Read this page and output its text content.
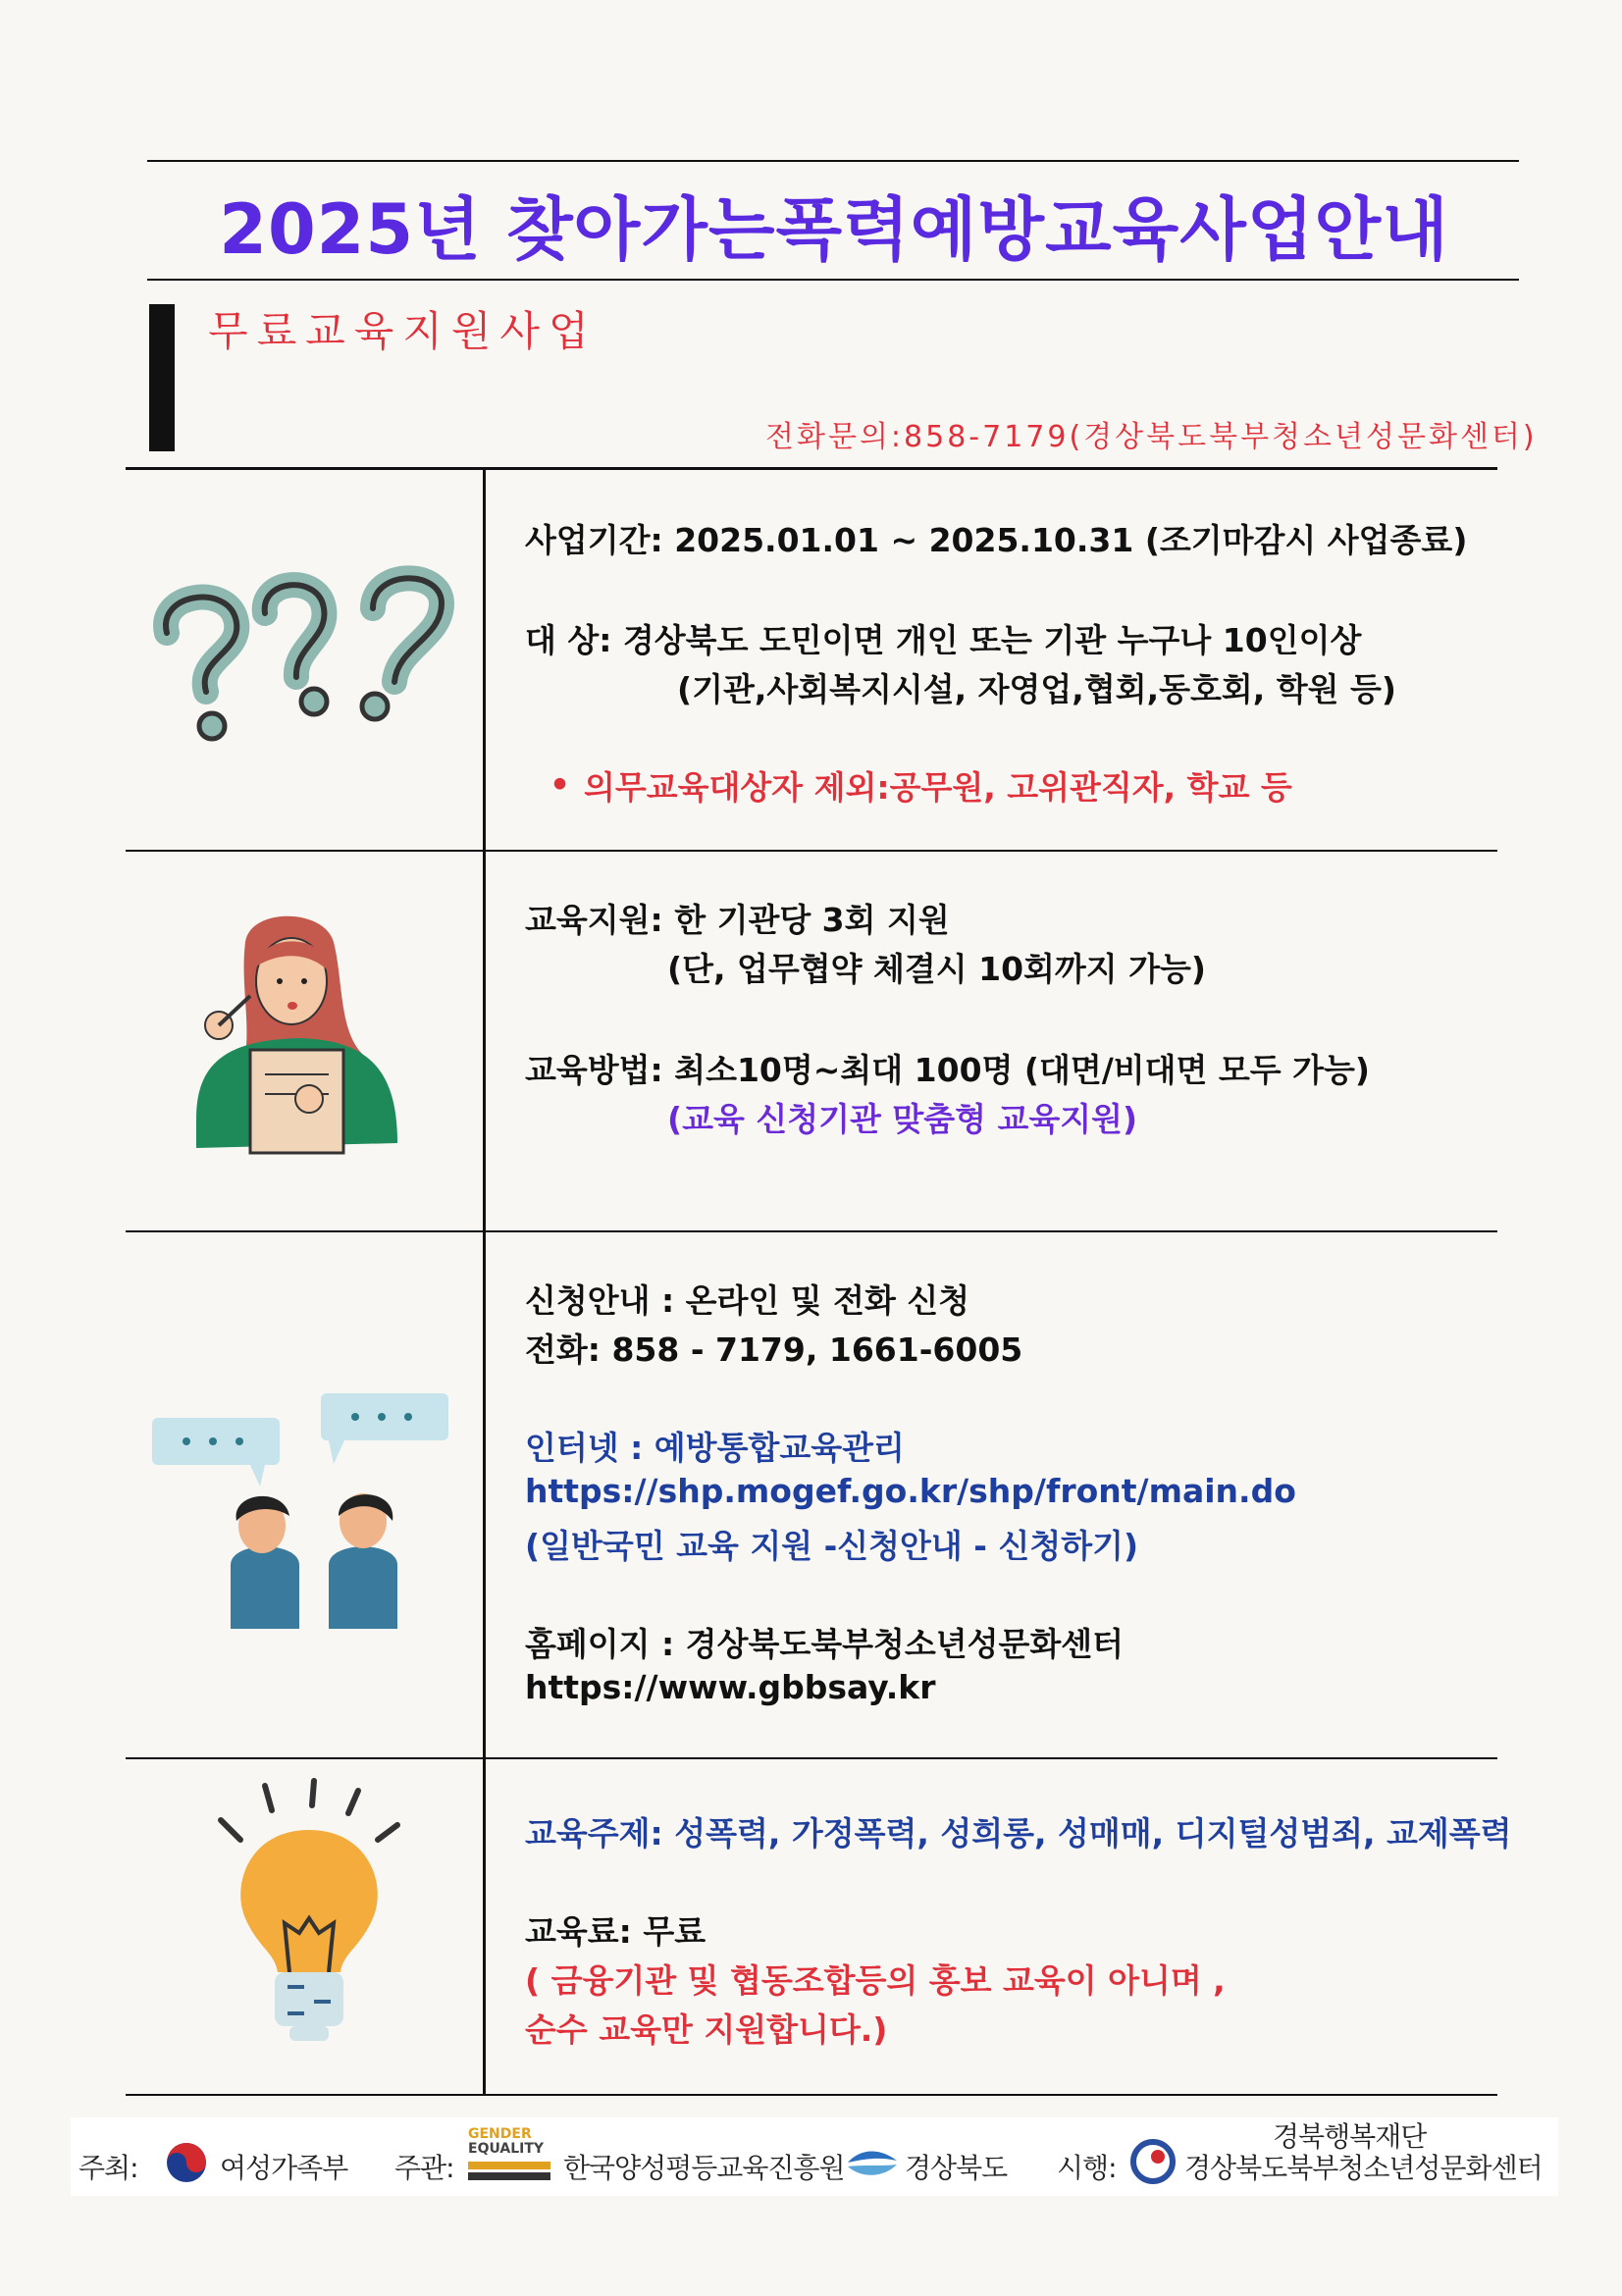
2025년 찾아가는폭력예방교육사업안내
무료교육지원사업
전화문의:858-7179(경상북도북부청소년성문화센터)
사업기간: 2025.01.01 ~ 2025.10.31 (조기마감시 사업종료)
대 상: 경상북도 도민이면 개인 또는 기관 누구나 10인이상
(기관,사회복지시설, 자영업,협회,동호회, 학원 등)
• 의무교육대상자 제외:공무원, 고위관직자, 학교 등
교육지원: 한 기관당 3회 지원
(단, 업무협약 체결시 10회까지 가능)
교육방법: 최소10명~최대 100명 (대면/비대면 모두 가능)
(교육 신청기관 맞춤형 교육지원)
신청안내 : 온라인 및 전화 신청
전화: 858 - 7179, 1661-6005
인터넷 : 예방통합교육관리
https://shp.mogef.go.kr/shp/front/main.do
(일반국민 교육 지원 -신청안내 - 신청하기)
홈페이지 : 경상북도북부청소년성문화센터
https://www.gbbsay.kr
교육주제: 성폭력, 가정폭력, 성희롱, 성매매, 디지털성범죄, 교제폭력
교육료: 무료
( 금융기관 및 협동조합등의 홍보 교육이 아니며 ,
순수 교육만 지원합니다.)
주최:	여성가족부 주관:
GENDER
EQUALITY
한국양성평등교육진흥원 경상북도 시행:
경북행복재단
경상북도북부청소년성문화센터
